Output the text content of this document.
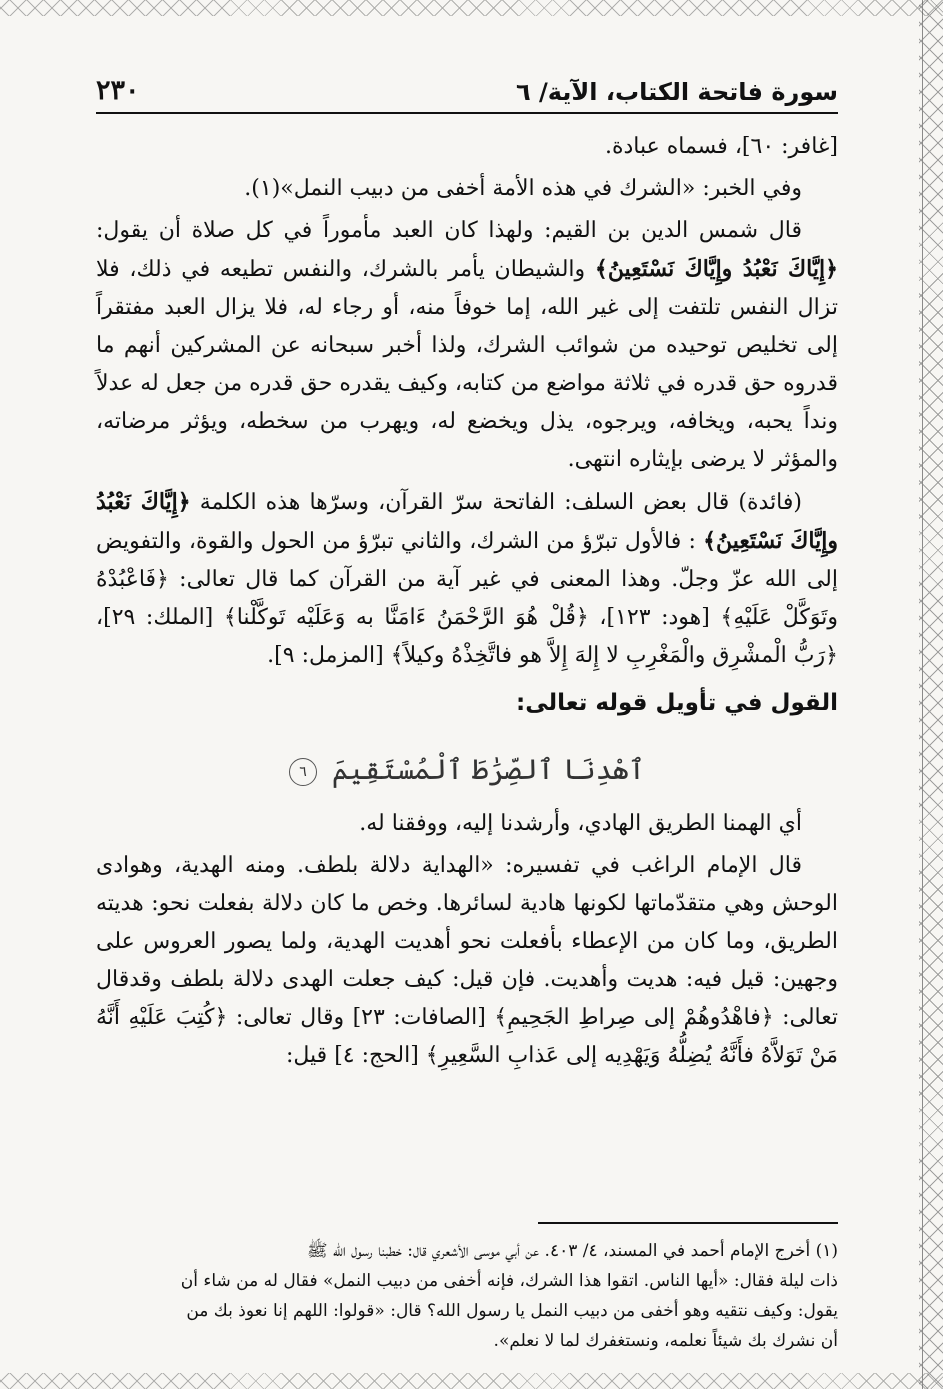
سورة فاتحة الكتاب، الآية/ ٦
٢٣٠

[غافر: ٦٠]، فسماه عبادة.

وفي الخبر: «الشرك في هذه الأمة أخفى من دبيب النمل»(١).

قال شمس الدين بن القيم: ولهذا كان العبد مأموراً في كل صلاة أن يقول: ﴿إِيَّاكَ نَعْبُدُ وإِيَّاكَ نَسْتَعِينُ﴾ والشيطان يأمر بالشرك، والنفس تطيعه في ذلك، فلا تزال النفس تلتفت إلى غير الله، إما خوفاً منه، أو رجاء له، فلا يزال العبد مفتقراً إلى تخليص توحيده من شوائب الشرك، ولذا أخبر سبحانه عن المشركين أنهم ما قدروه حق قدره في ثلاثة مواضع من كتابه، وكيف يقدره حق قدره من جعل له عدلاً ونداً يحبه، ويخافه، ويرجوه، يذل ويخضع له، ويهرب من سخطه، ويؤثر مرضاته، والمؤثر لا يرضى بإيثاره انتهى.

(فائدة) قال بعض السلف: الفاتحة سرّ القرآن، وسرّها هذه الكلمة ﴿إِيَّاكَ نَعْبُدُ وإِيَّاكَ نَسْتَعِينُ﴾ : فالأول تبرّؤ من الشرك، والثاني تبرّؤ من الحول والقوة، والتفويض إلى الله عزّ وجلّ. وهذا المعنى في غير آية من القرآن كما قال تعالى: ﴿فَاعْبُدْهُ وتَوَكَّلْ عَلَيْهِ﴾ [هود: ١٢٣]، ﴿قُلْ هُوَ الرَّحْمَنُ ءَامَنَّا به وَعَلَيْه تَوكَّلْنا﴾ [الملك: ٢٩]، ﴿رَبُّ الْمشْرِق والْمَغْرِبِ لا إِلهَ إِلاَّ هو فاتَّخِذْهُ وكيلاً﴾ [المزمل: ٩].

القول في تأويل قوله تعالى:
ٱهْدِنَا ٱلصِّرَٰطَ ٱلْمُسْتَقِيمَ ٦

أي الهمنا الطريق الهادي، وأرشدنا إليه، ووفقنا له.

قال الإمام الراغب في تفسيره: «الهداية دلالة بلطف. ومنه الهدية، وهوادى الوحش وهي متقدّماتها لكونها هادية لسائرها. وخص ما كان دلالة بفعلت نحو: هديته الطريق، وما كان من الإعطاء بأفعلت نحو أهديت الهدية، ولما يصور العروس على وجهين: قيل فيه: هديت وأهديت. فإن قيل: كيف جعلت الهدى دلالة بلطف وقدقال تعالى: ﴿فاهْدُوهُمْ إلى صِراطِ الجَحِيمِ﴾ [الصافات: ٢٣] وقال تعالى: ﴿كُتِبَ عَلَيْهِ أَنَّهُ مَنْ تَوَلاَّهُ فأَنَّهُ يُضِلُّهُ وَيَهْدِيه إلى عَذابِ السَّعِيرِ﴾ [الحج: ٤] قيل:

(١) أخرج الإمام أحمد في المسند، ٤/ ٤٠٣. عن أبي موسى الأشعري قال: خطبنا رسول الله ﷺ

ذات ليلة فقال: «أيها الناس. اتقوا هذا الشرك، فإنه أخفى من دبيب النمل» فقال له من شاء أن

يقول: وكيف نتقيه وهو أخفى من دبيب النمل يا رسول الله؟ قال: «قولوا: اللهم إنا نعوذ بك من

أن نشرك بك شيئاً نعلمه، ونستغفرك لما لا نعلم».
